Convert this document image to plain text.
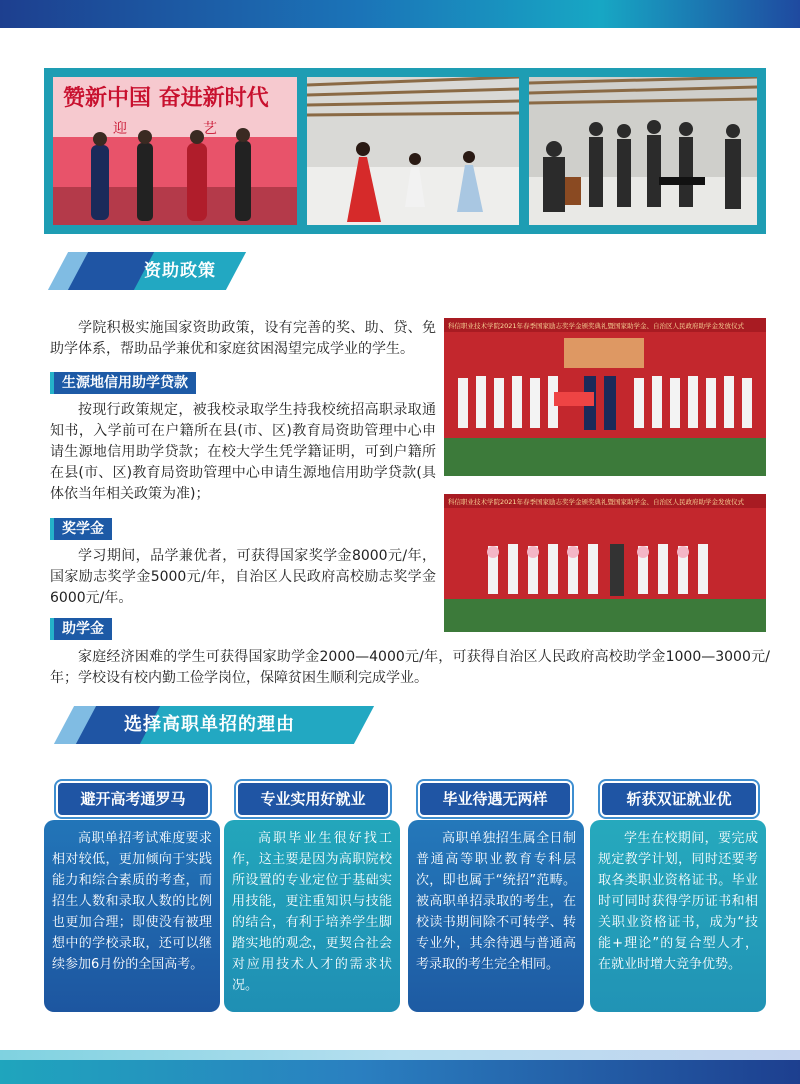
赞新中国 奋进新时代
迎	艺
资助政策

学院积极实施国家资助政策，设有完善的奖、助、贷、免助学体系，帮助品学兼优和家庭贫困渴望完成学业的学生。

生源地信用助学贷款

按现行政策规定，被我校录取学生持我校统招高职录取通知书，入学前可在户籍所在县(市、区)教育局资助管理中心申请生源地信用助学贷款；在校大学生凭学籍证明，可到户籍所在县(市、区)教育局资助管理中心申请生源地信用助学贷款(具体依当年相关政策为准)；

奖学金

学习期间，品学兼优者，可获得国家奖学金8000元/年，国家励志奖学金5000元/年，自治区人民政府高校励志奖学金6000元/年。

助学金

家庭经济困难的学生可获得国家助学金2000—4000元/年，可获得自治区人民政府高校助学金1000—3000元/年；学校设有校内勤工俭学岗位，保障贫困生顺利完成学业。

科信职业技术学院2021年春季国家励志奖学金颁奖典礼暨国家助学金、自治区人民政府助学金发放仪式
科信职业技术学院2021年春季国家励志奖学金颁奖典礼暨国家助学金、自治区人民政府助学金发放仪式
选择高职单招的理由
避开高考通罗马

高职单招考试难度要求相对较低，更加倾向于实践能力和综合素质的考查，而招生人数和录取人数的比例也更加合理；即使没有被理想中的学校录取，还可以继续参加6月份的全国高考。

专业实用好就业

高职毕业生很好找工作，这主要是因为高职院校所设置的专业定位于基础实用技能，更注重知识与技能的结合，有利于培养学生脚踏实地的观念，更契合社会对应用技术人才的需求状况。

毕业待遇无两样

高职单独招生属全日制普通高等职业教育专科层次，即也属于“统招”范畴。被高职单招录取的考生，在校读书期间除不可转学、转专业外，其余待遇与普通高考录取的考生完全相同。

斩获双证就业优

学生在校期间，要完成规定教学计划，同时还要考取各类职业资格证书。毕业时可同时获得学历证书和相关职业资格证书，成为“技能+理论”的复合型人才，在就业时增大竞争优势。
